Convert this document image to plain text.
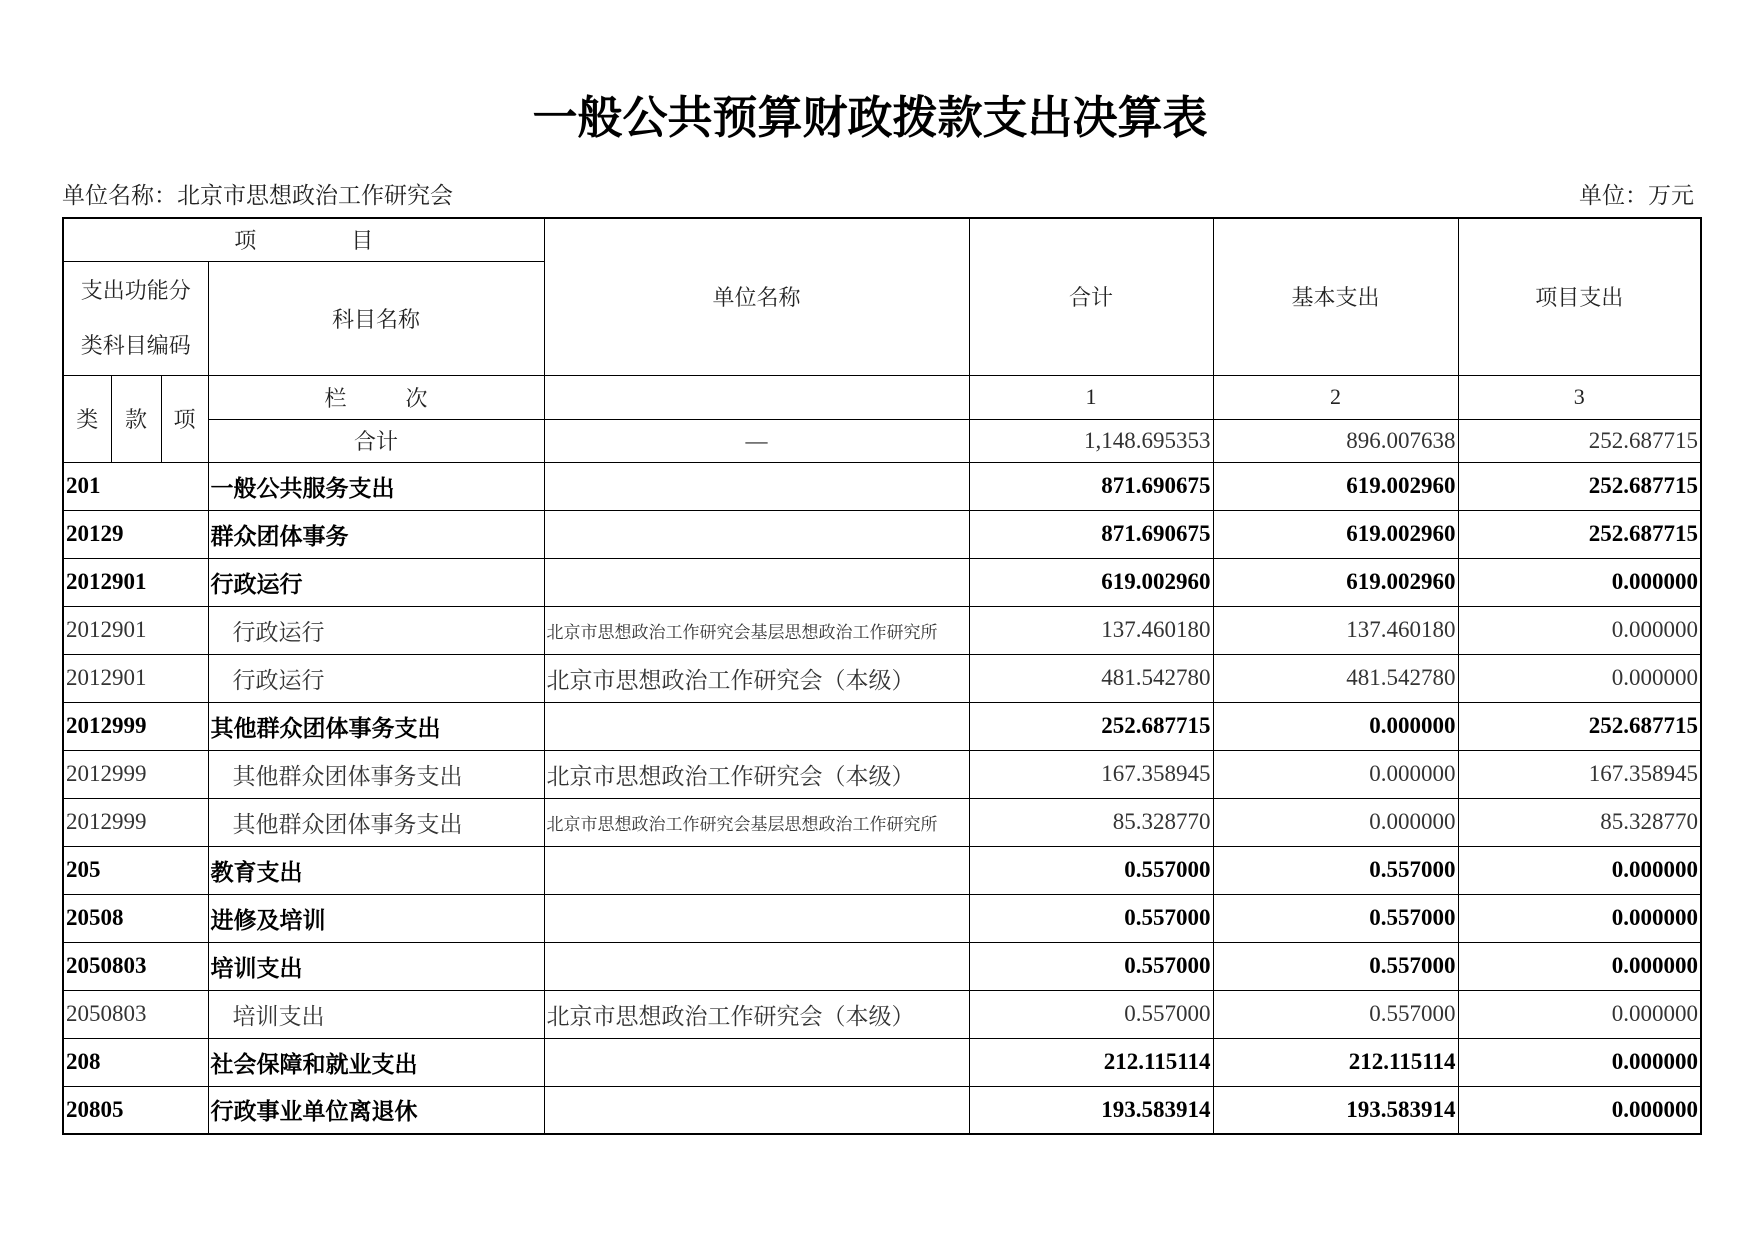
一般公共预算财政拨款支出决算表
单位名称：北京市思想政治工作研究会	单位：万元
项目				单位名称	合计	基本支出	项目支出

支出功能分类科目编码			科目名称				
类	款	项	栏次		1	2	3
			合计	—	1,148.695353	896.007638	252.687715
201			一般公共服务支出		871.690675	619.002960	252.687715
20129			群众团体事务		871.690675	619.002960	252.687715
2012901			行政运行		619.002960	619.002960	0.000000
2012901			行政运行	北京市思想政治工作研究会基层思想政治工作研究所	137.460180	137.460180	0.000000
2012901			行政运行	北京市思想政治工作研究会（本级）	481.542780	481.542780	0.000000
2012999			其他群众团体事务支出		252.687715	0.000000	252.687715
2012999			其他群众团体事务支出	北京市思想政治工作研究会（本级）	167.358945	0.000000	167.358945
2012999			其他群众团体事务支出	北京市思想政治工作研究会基层思想政治工作研究所	85.328770	0.000000	85.328770
205			教育支出		0.557000	0.557000	0.000000
20508			进修及培训		0.557000	0.557000	0.000000
2050803			培训支出		0.557000	0.557000	0.000000
2050803			培训支出	北京市思想政治工作研究会（本级）	0.557000	0.557000	0.000000
208			社会保障和就业支出		212.115114	212.115114	0.000000
20805			行政事业单位离退休		193.583914	193.583914	0.000000
